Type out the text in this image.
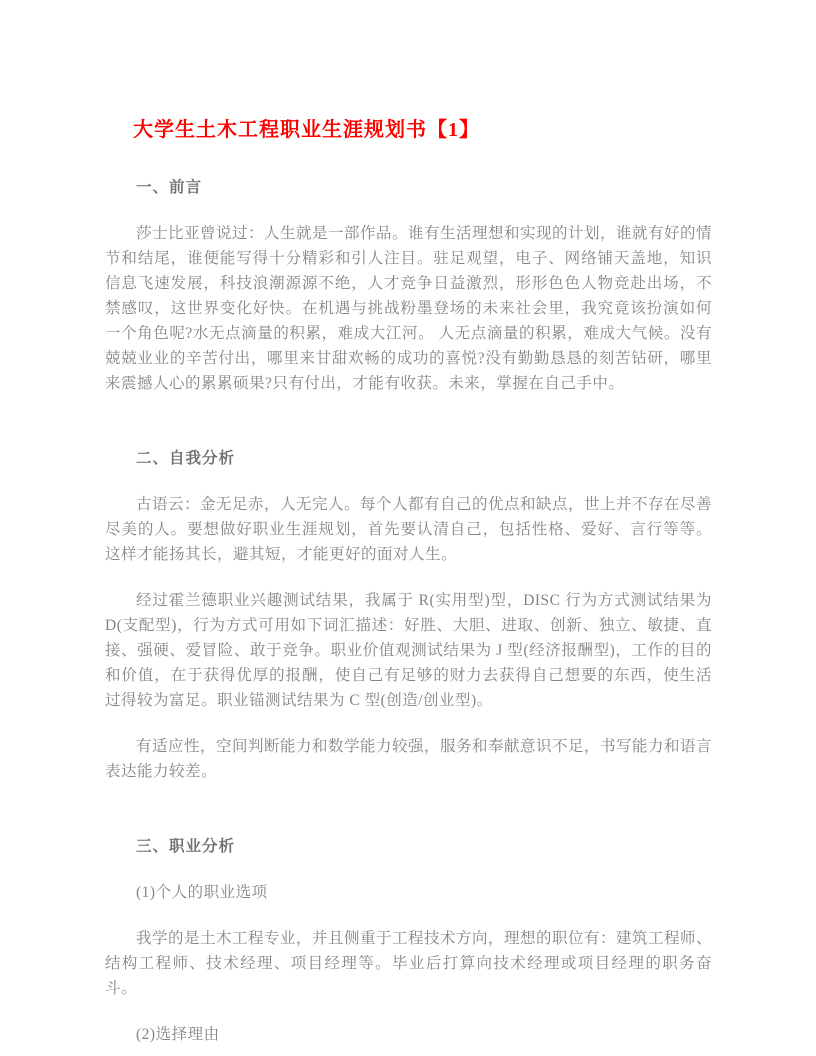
大学生土木工程职业生涯规划书【1】
一、前言

莎士比亚曾说过：人生就是一部作品。谁有生活理想和实现的计划，谁就有好的情节和结尾，谁便能写得十分精彩和引人注目。驻足观望，电子、网络铺天盖地，知识信息飞速发展，科技浪潮源源不绝，人才竞争日益激烈，形形色色人物竞赴出场，不禁感叹，这世界变化好快。在机遇与挑战粉墨登场的未来社会里，我究竟该扮演如何一个角色呢?水无点滴量的积累，难成大江河。 人无点滴量的积累，难成大气候。没有兢兢业业的辛苦付出，哪里来甘甜欢畅的成功的喜悦?没有勤勤恳恳的刻苦钻研，哪里来震撼人心的累累硕果?只有付出，才能有收获。未来，掌握在自己手中。

二、自我分析

古语云：金无足赤，人无完人。每个人都有自己的优点和缺点，世上并不存在尽善尽美的人。要想做好职业生涯规划，首先要认清自己，包括性格、爱好、言行等等。这样才能扬其长，避其短，才能更好的面对人生。

经过霍兰德职业兴趣测试结果，我属于 R(实用型)型，DISC 行为方式测试结果为 D(支配型)，行为方式可用如下词汇描述：好胜、大胆、进取、创新、独立、敏捷、直接、强硬、爱冒险、敢于竞争。职业价值观测试结果为 J 型(经济报酬型)，工作的目的和价值，在于获得优厚的报酬，使自己有足够的财力去获得自己想要的东西，使生活过得较为富足。职业锚测试结果为 C 型(创造/创业型)。

有适应性，空间判断能力和数学能力较强，服务和奉献意识不足，书写能力和语言表达能力较差。

三、职业分析

(1)个人的职业选项

我学的是土木工程专业，并且侧重于工程技术方向，理想的职位有：建筑工程师、结构工程师、技术经理、项目经理等。毕业后打算向技术经理或项目经理的职务奋斗。

(2)选择理由
